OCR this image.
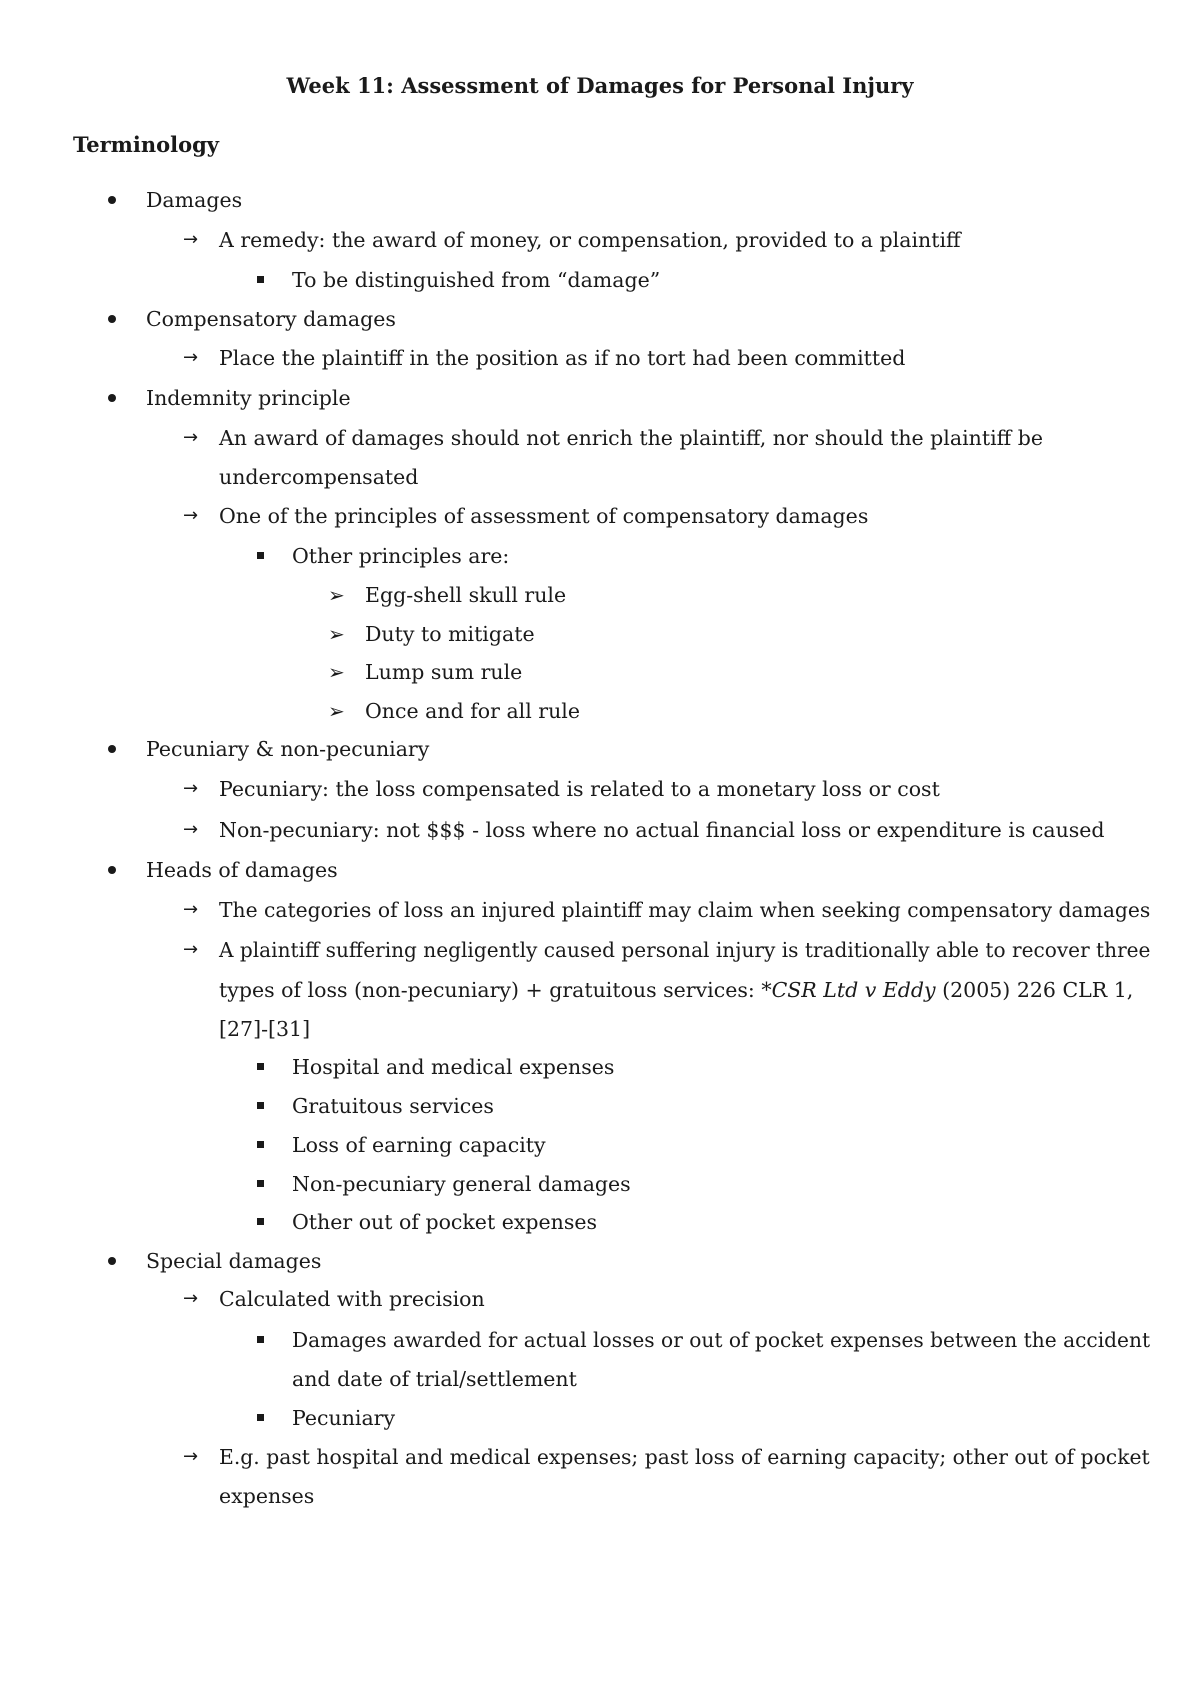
Week 11: Assessment of Damages for Personal Injury
Terminology
Damages
→ A remedy: the award of money, or compensation, provided to a plaintiff
To be distinguished from “damage”
Compensatory damages
→ Place the plaintiff in the position as if no tort had been committed
Indemnity principle
→ An award of damages should not enrich the plaintiff, nor should the plaintiff be
undercompensated
→ One of the principles of assessment of compensatory damages
Other principles are:
➢ Egg-shell skull rule
➢ Duty to mitigate
➢ Lump sum rule
➢ Once and for all rule
Pecuniary & non-pecuniary
→ Pecuniary: the loss compensated is related to a monetary loss or cost
→ Non-pecuniary: not $$$ - loss where no actual financial loss or expenditure is caused
Heads of damages
→ The categories of loss an injured plaintiff may claim when seeking compensatory damages
→ A plaintiff suffering negligently caused personal injury is traditionally able to recover three
types of loss (non-pecuniary) + gratuitous services: *CSR Ltd v Eddy (2005) 226 CLR 1,
[27]-[31]
Hospital and medical expenses
Gratuitous services
Loss of earning capacity
Non-pecuniary general damages
Other out of pocket expenses
Special damages
→ Calculated with precision
Damages awarded for actual losses or out of pocket expenses between the accident
and date of trial/settlement
Pecuniary
→ E.g. past hospital and medical expenses; past loss of earning capacity; other out of pocket
expenses
